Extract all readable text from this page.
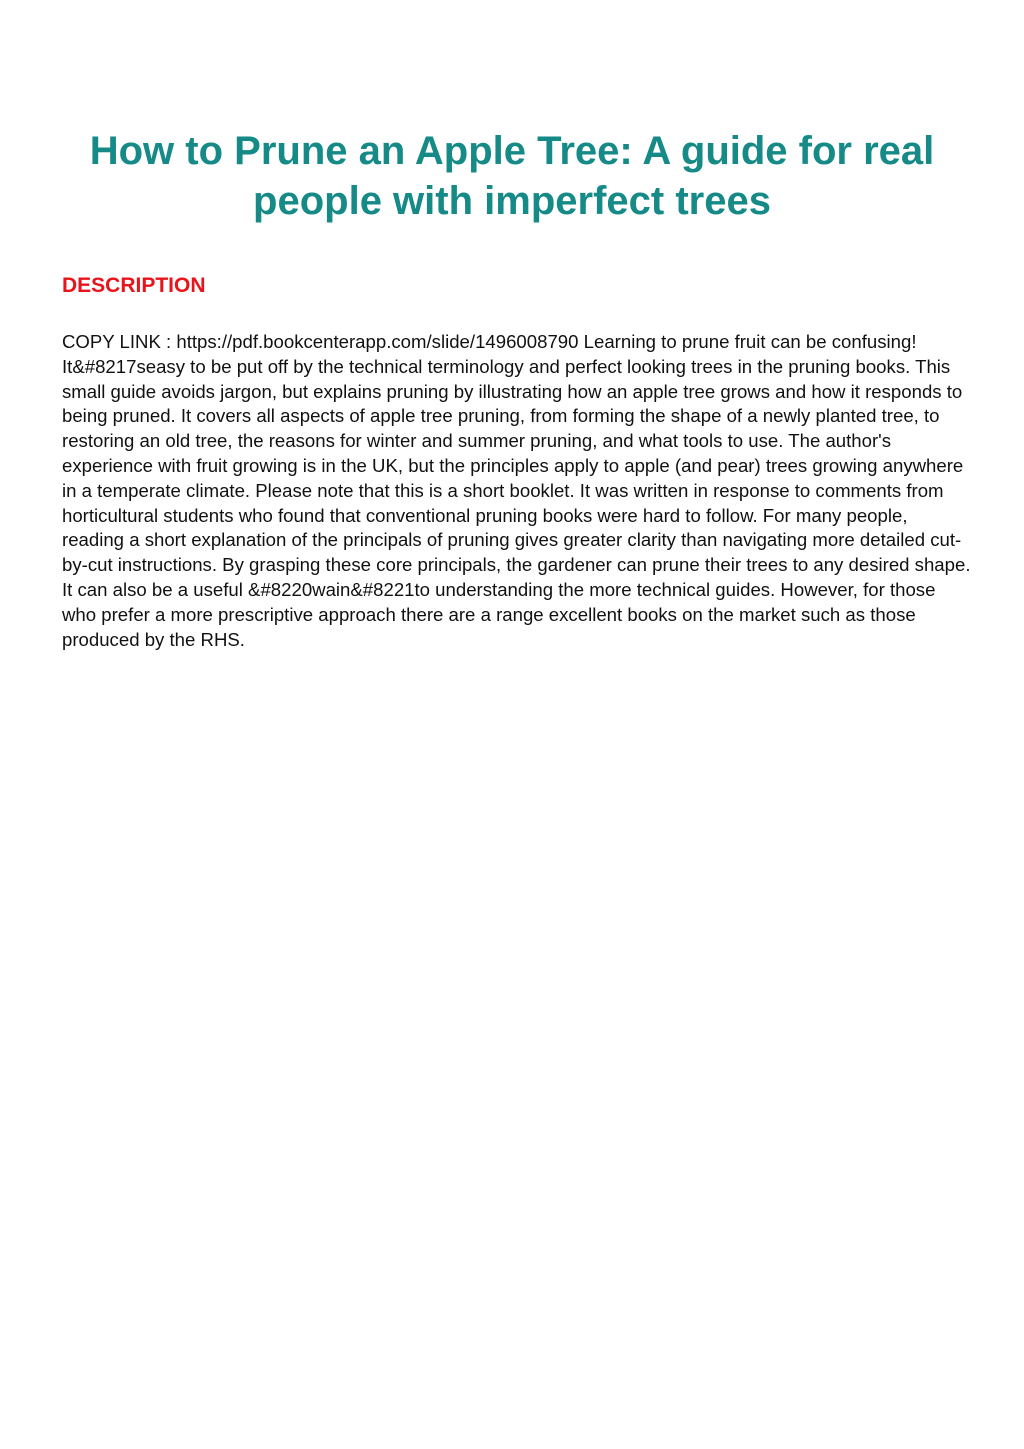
How to Prune an Apple Tree: A guide for real people with imperfect trees
DESCRIPTION

COPY LINK : https://pdf.bookcenterapp.com/slide/1496008790 Learning to prune fruit can be confusing! It&#8217seasy to be put off by the technical terminology and perfect looking trees in the pruning books. This small guide avoids jargon, but explains pruning by illustrating how an apple tree grows and how it responds to being pruned. It covers all aspects of apple tree pruning, from forming the shape of a newly planted tree, to restoring an old tree, the reasons for winter and summer pruning, and what tools to use. The author's experience with fruit growing is in the UK, but the principles apply to apple (and pear) trees growing anywhere in a temperate climate. Please note that this is a short booklet. It was written in response to comments from horticultural students who found that conventional pruning books were hard to follow. For many people, reading a short explanation of the principals of pruning gives greater clarity than navigating more detailed cut-by-cut instructions. By grasping these core principals, the gardener can prune their trees to any desired shape. It can also be a useful &#8220wain&#8221to understanding the more technical guides. However, for those who prefer a more prescriptive approach there are a range excellent books on the market such as those produced by the RHS.
